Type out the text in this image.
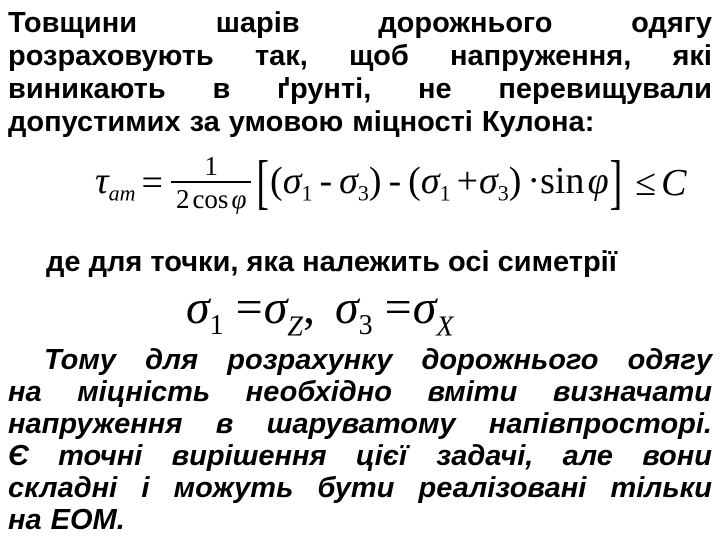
Товщини	шарів	дорожнього	одягу
розраховують так, щоб напруження, які
виникають в ґрунті, не перевищували
допустимих за умовою міцності Кулона:
$\tau_{am} = \frac{1}{\text{2 cos φ}}$ [ $(\sigma_1 - \sigma_3) - (\sigma_1 +\sigma_3) \cdot\sin$ φ ] ≤ C
де для точки, яка належить осі симетрії
$\sigma_1 =\sigma_Z$, $\sigma_3 =\sigma_X$
Тому для розрахунку дорожнього одягу
на міцність необхідно вміти визначати
напруження в шаруватому напівпросторі.
Є точні вирішення цієї задачі, але вони
складні і можуть бути реалізовані тільки
на ЕОМ.
